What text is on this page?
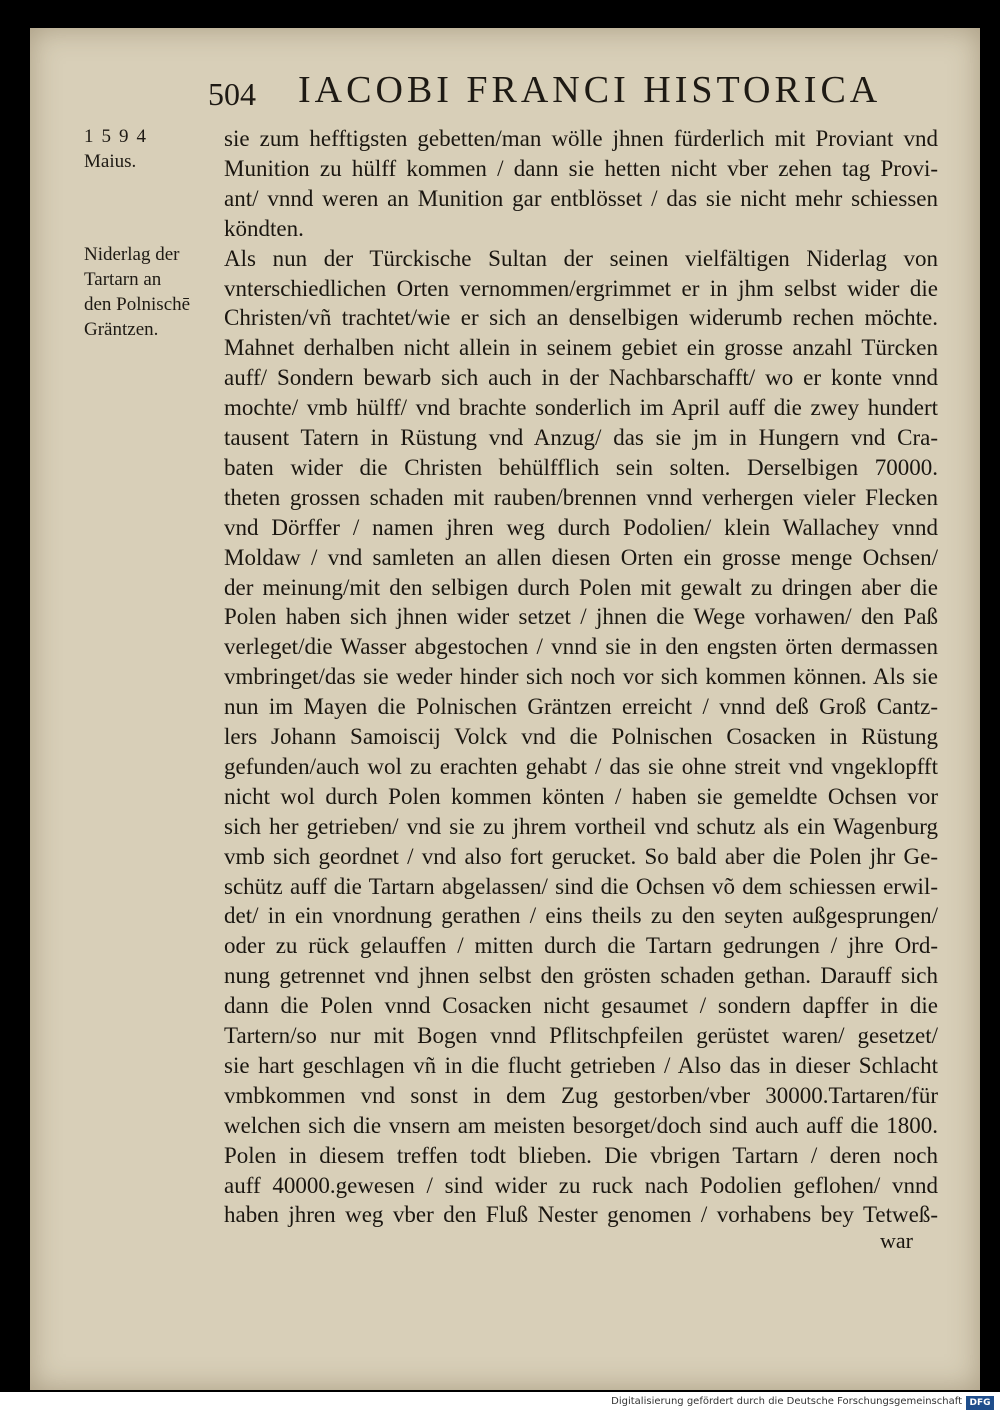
504 IACOBI FRANCI HISTORICA
1594
Maius.
Niderlag der
Tartarn an
den Polnischē
Gräntzen.
sie zum hefftigsten gebetten/man wölle jhnen fürderlich mit Proviant vnd
Munition zu hülff kommen / dann sie hetten nicht vber zehen tag Provi-
ant/ vnnd weren an Munition gar entblösset / das sie nicht mehr schiessen
köndten.
Als nun der Türckische Sultan der seinen vielfältigen Niderlag von
vnterschiedlichen Orten vernommen/ergrimmet er in jhm selbst wider die
Christen/vñ trachtet/wie er sich an denselbigen widerumb rechen möchte.
Mahnet derhalben nicht allein in seinem gebiet ein grosse anzahl Türcken
auff/ Sondern bewarb sich auch in der Nachbarschafft/ wo er konte vnnd
mochte/ vmb hülff/ vnd brachte sonderlich im April auff die zwey hundert
tausent Tatern in Rüstung vnd Anzug/ das sie jm in Hungern vnd Cra-
baten wider die Christen behülfflich sein solten. Derselbigen 70000.
theten grossen schaden mit rauben/brennen vnnd verhergen vieler Flecken
vnd Dörffer / namen jhren weg durch Podolien/ klein Wallachey vnnd
Moldaw / vnd samleten an allen diesen Orten ein grosse menge Ochsen/
der meinung/mit den selbigen durch Polen mit gewalt zu dringen aber die
Polen haben sich jhnen wider setzet / jhnen die Wege vorhawen/ den Paß
verleget/die Wasser abgestochen / vnnd sie in den engsten örten dermassen
vmbringet/das sie weder hinder sich noch vor sich kommen können. Als sie
nun im Mayen die Polnischen Gräntzen erreicht / vnnd deß Groß Cantz-
lers Johann Samoiscij Volck vnd die Polnischen Cosacken in Rüstung
gefunden/auch wol zu erachten gehabt / das sie ohne streit vnd vngeklopfft
nicht wol durch Polen kommen könten / haben sie gemeldte Ochsen vor
sich her getrieben/ vnd sie zu jhrem vortheil vnd schutz als ein Wagenburg
vmb sich geordnet / vnd also fort gerucket. So bald aber die Polen jhr Ge-
schütz auff die Tartarn abgelassen/ sind die Ochsen võ dem schiessen erwil-
det/ in ein vnordnung gerathen / eins theils zu den seyten außgesprungen/
oder zu rück gelauffen / mitten durch die Tartarn gedrungen / jhre Ord-
nung getrennet vnd jhnen selbst den grösten schaden gethan. Darauff sich
dann die Polen vnnd Cosacken nicht gesaumet / sondern dapffer in die
Tartern/so nur mit Bogen vnnd Pflitschpfeilen gerüstet waren/ gesetzet/
sie hart geschlagen vñ in die flucht getrieben / Also das in dieser Schlacht
vmbkommen vnd sonst in dem Zug gestorben/vber 30000.Tartaren/für
welchen sich die vnsern am meisten besorget/doch sind auch auff die 1800.
Polen in diesem treffen todt blieben. Die vbrigen Tartarn / deren noch
auff 40000.gewesen / sind wider zu ruck nach Podolien geflohen/ vnnd
haben jhren weg vber den Fluß Nester genomen / vorhabens bey Tetweß-
war
Digitalisierung gefördert durch die Deutsche Forschungsgemeinschaft DFG
